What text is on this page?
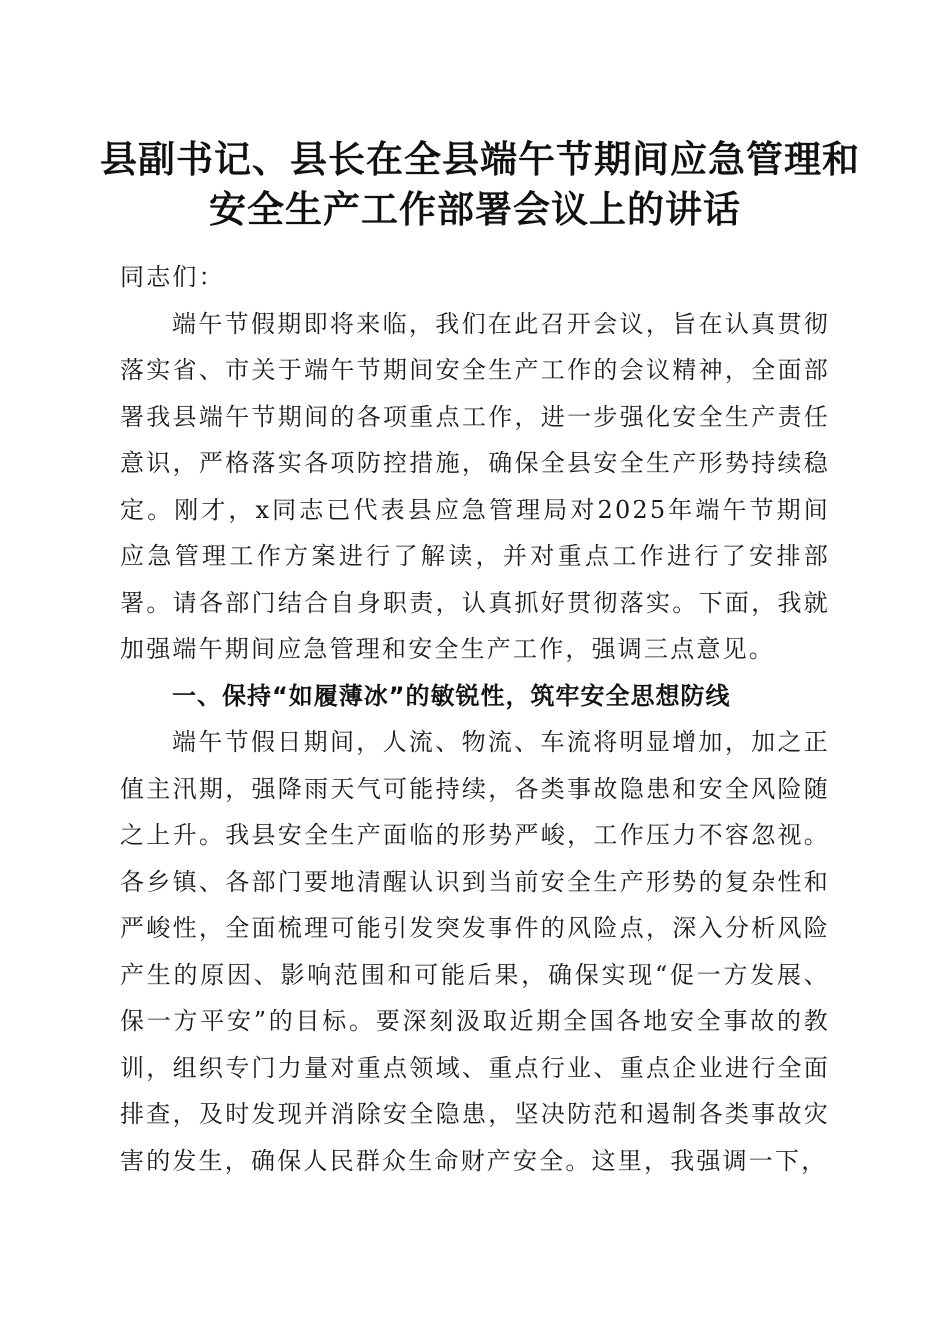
县副书记、县长在全县端午节期间应急管理和
安全生产工作部署会议上的讲话

同志们：

端午节假期即将来临，我们在此召开会议，旨在认真贯彻落实省、市关于端午节期间安全生产工作的会议精神，全面部署我县端午节期间的各项重点工作，进一步强化安全生产责任意识，严格落实各项防控措施，确保全县安全生产形势持续稳定。刚才，x同志已代表县应急管理局对2025年端午节期间应急管理工作方案进行了解读，并对重点工作进行了安排部署。请各部门结合自身职责，认真抓好贯彻落实。下面，我就加强端午期间应急管理和安全生产工作，强调三点意见。

一、保持“如履薄冰”的敏锐性，筑牢安全思想防线

端午节假日期间，人流、物流、车流将明显增加，加之正值主汛期，强降雨天气可能持续，各类事故隐患和安全风险随之上升。我县安全生产面临的形势严峻，工作压力不容忽视。各乡镇、各部门要地清醒认识到当前安全生产形势的复杂性和严峻性，全面梳理可能引发突发事件的风险点，深入分析风险产生的原因、影响范围和可能后果，确保实现“促一方发展、保一方平安”的目标。要深刻汲取近期全国各地安全事故的教训，组织专门力量对重点领域、重点行业、重点企业进行全面排查，及时发现并消除安全隐患，坚决防范和遏制各类事故灾害的发生，确保人民群众生命财产安全。这里，我强调一下，
